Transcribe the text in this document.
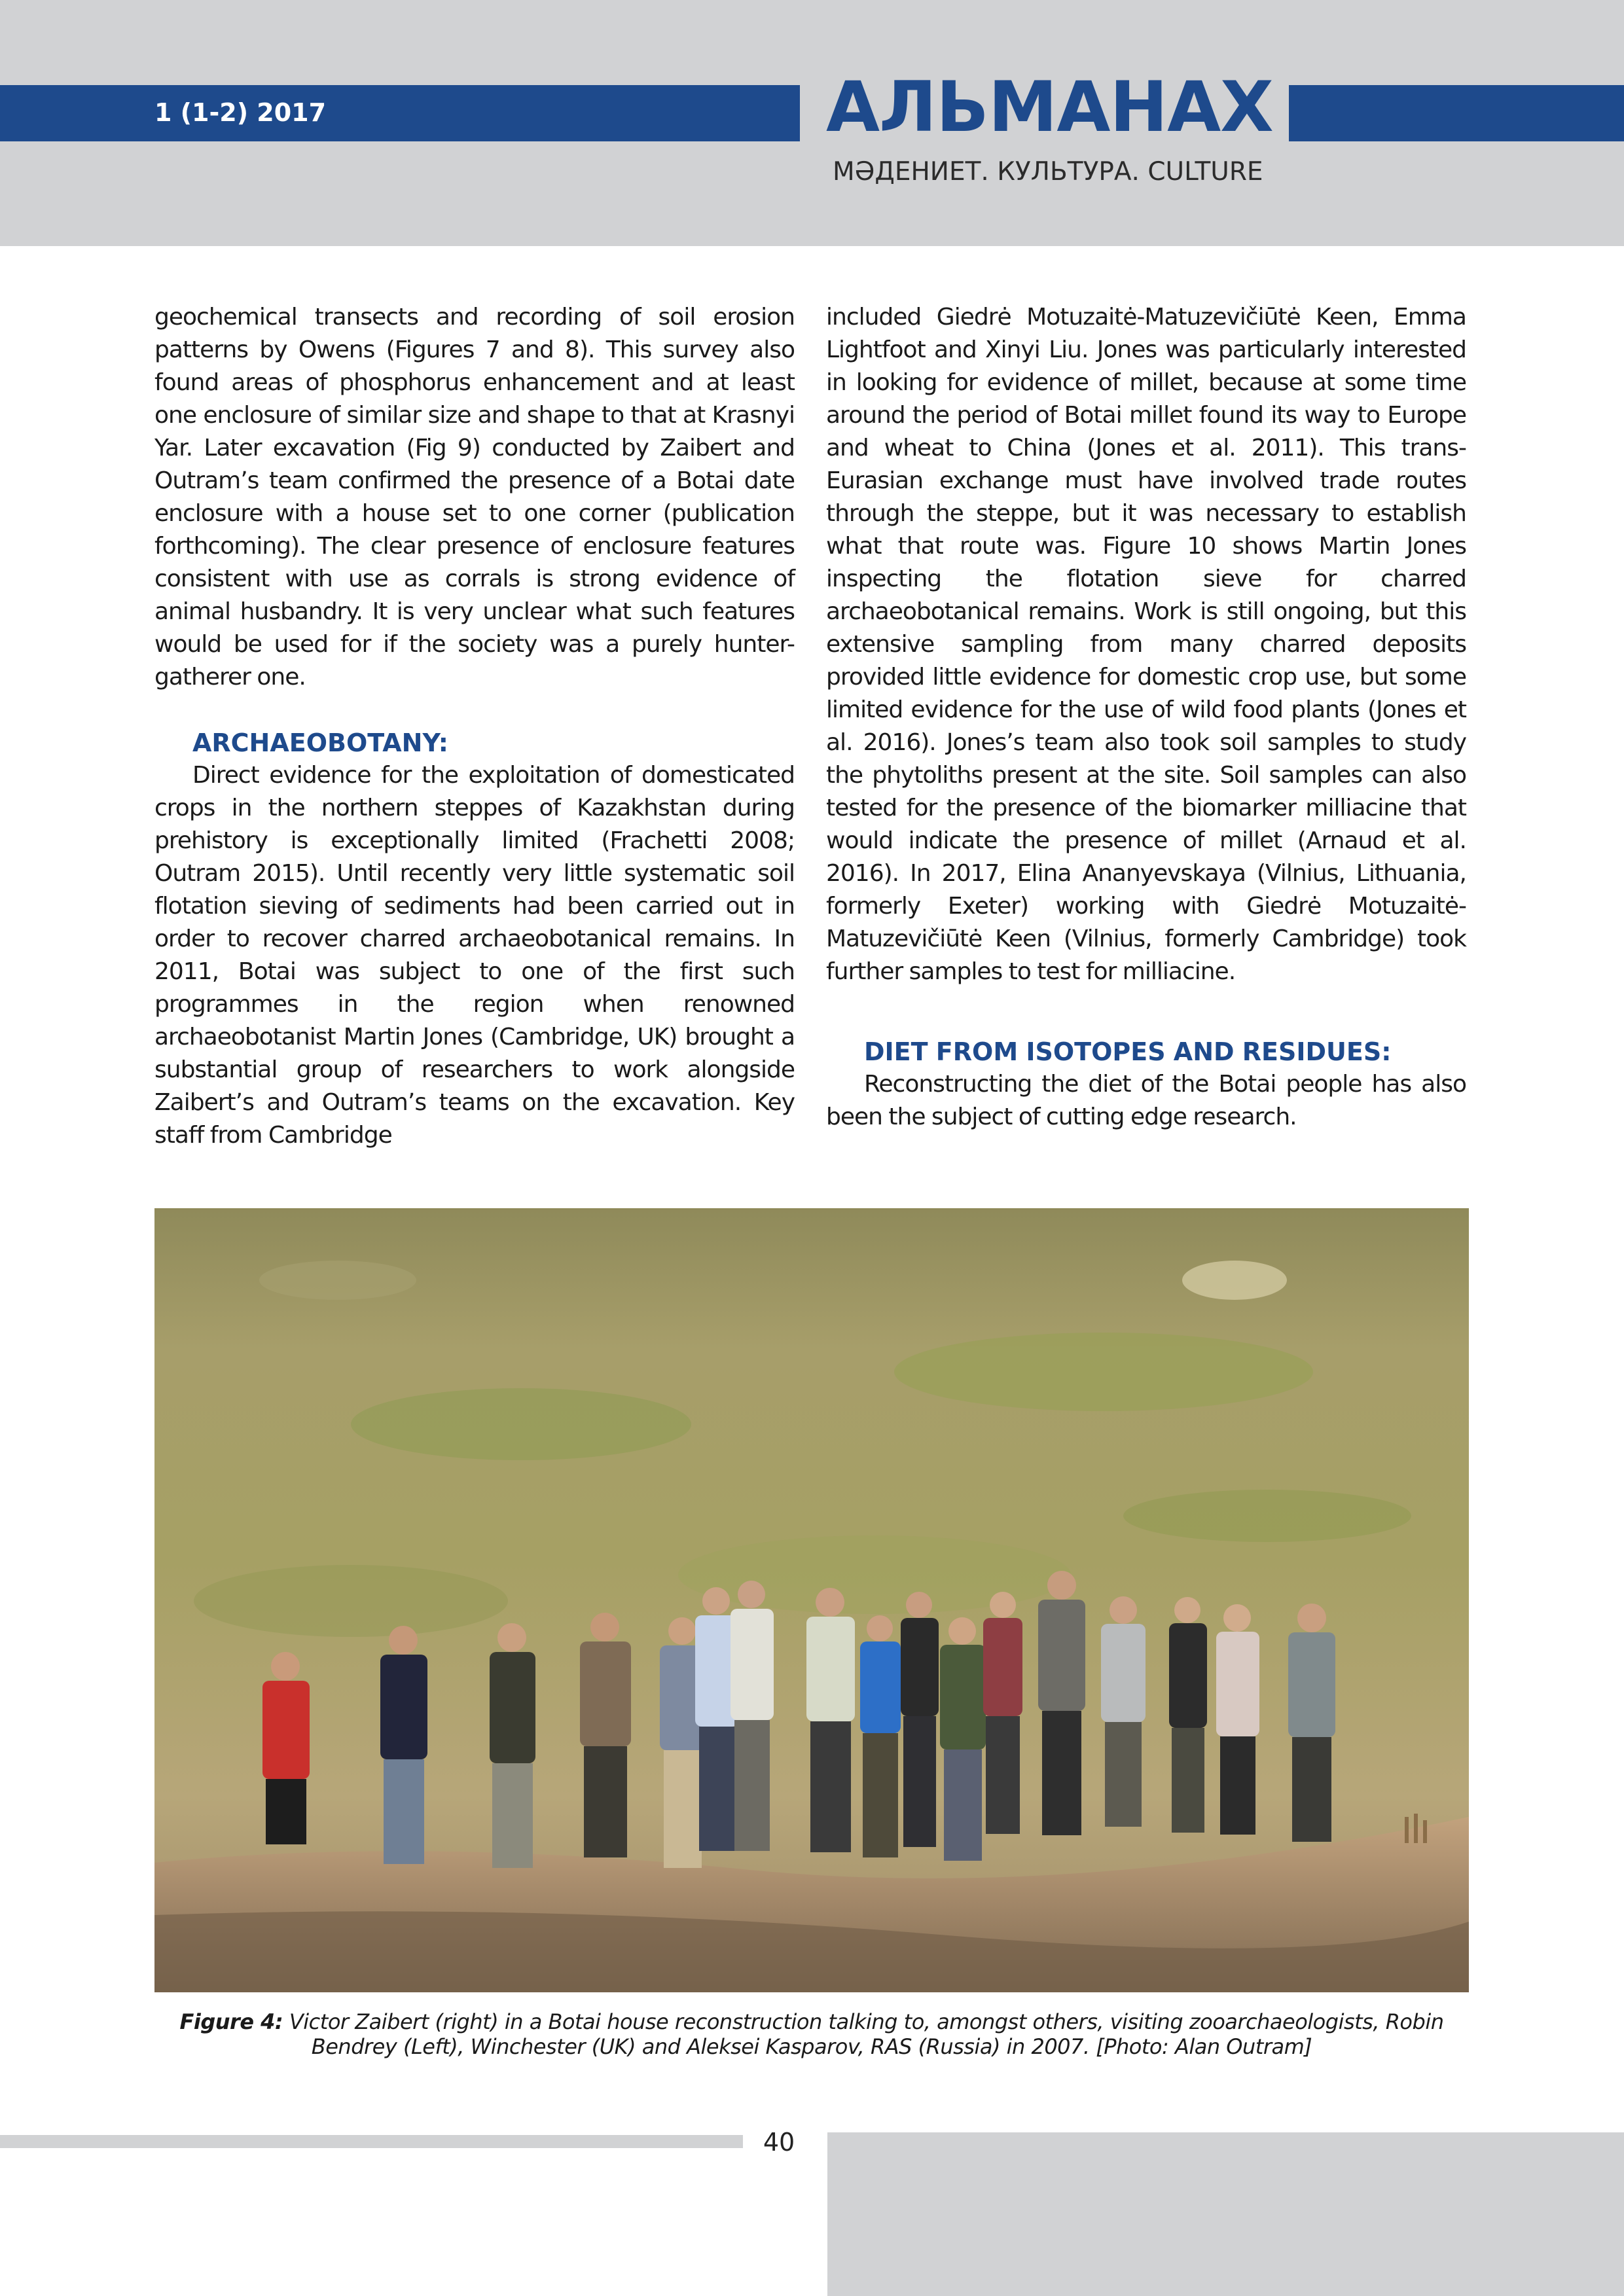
1 (1-2) 2017	АЛЬМАНАХ
МӘДЕНИЕТ. КУЛЬТУРА. CULTURE

geochemical transects and recording of soil erosion patterns by Owens (Figures 7 and 8). This survey also found areas of phosphorus enhancement and at least one enclosure of similar size and shape to that at Krasnyi Yar. Later excavation (Fig 9) conducted by Zaibert and Outram’s team confirmed the presence of a Botai date enclosure with a house set to one corner (publication forthcoming). The clear presence of enclosure features consistent with use as corrals is strong evidence of animal husbandry. It is very unclear what such features would be used for if the society was a purely hunter-gatherer one.

ARCHAEOBOTANY:

Direct evidence for the exploitation of domesticated crops in the northern steppes of Kazakhstan during prehistory is exceptionally limited (Frachetti 2008; Outram 2015). Until recently very little systematic soil flotation sieving of sediments had been carried out in order to recover charred archaeobotanical remains. In 2011, Botai was subject to one of the first such programmes in the region when renowned archaeobotanist Martin Jones (Cambridge, UK) brought a substantial group of researchers to work alongside Zaibert’s and Outram’s teams on the excavation. Key staff from Cambridge

included Giedrė Motuzaitė-Matuzevičiūtė Keen, Emma Lightfoot and Xinyi Liu. Jones was particularly interested in looking for evidence of millet, because at some time around the period of Botai millet found its way to Europe and wheat to China (Jones et al. 2011). This trans-Eurasian exchange must have involved trade routes through the steppe, but it was necessary to establish what that route was. Figure 10 shows Martin Jones inspecting the flotation sieve for charred archaeobotanical remains. Work is still ongoing, but this extensive sampling from many charred deposits provided little evidence for domestic crop use, but some limited evidence for the use of wild food plants (Jones et al. 2016). Jones’s team also took soil samples to study the phytoliths present at the site. Soil samples can also tested for the presence of the biomarker milliacine that would indicate the presence of millet (Arnaud et al. 2016). In 2017, Elina Ananyevskaya (Vilnius, Lithuania, formerly Exeter) working with Giedrė Motuzaitė-Matuzevičiūtė Keen (Vilnius, formerly Cambridge) took further samples to test for milliacine.

DIET FROM ISOTOPES AND RESIDUES:

Reconstructing the diet of the Botai people has also been the subject of cutting edge research.

Figure 4: Victor Zaibert (right) in a Botai house reconstruction talking to, amongst others, visiting zooarchaeologists, Robin Bendrey (Left), Winchester (UK) and Aleksei Kasparov, RAS (Russia) in 2007. [Photo: Alan Outram]
40
